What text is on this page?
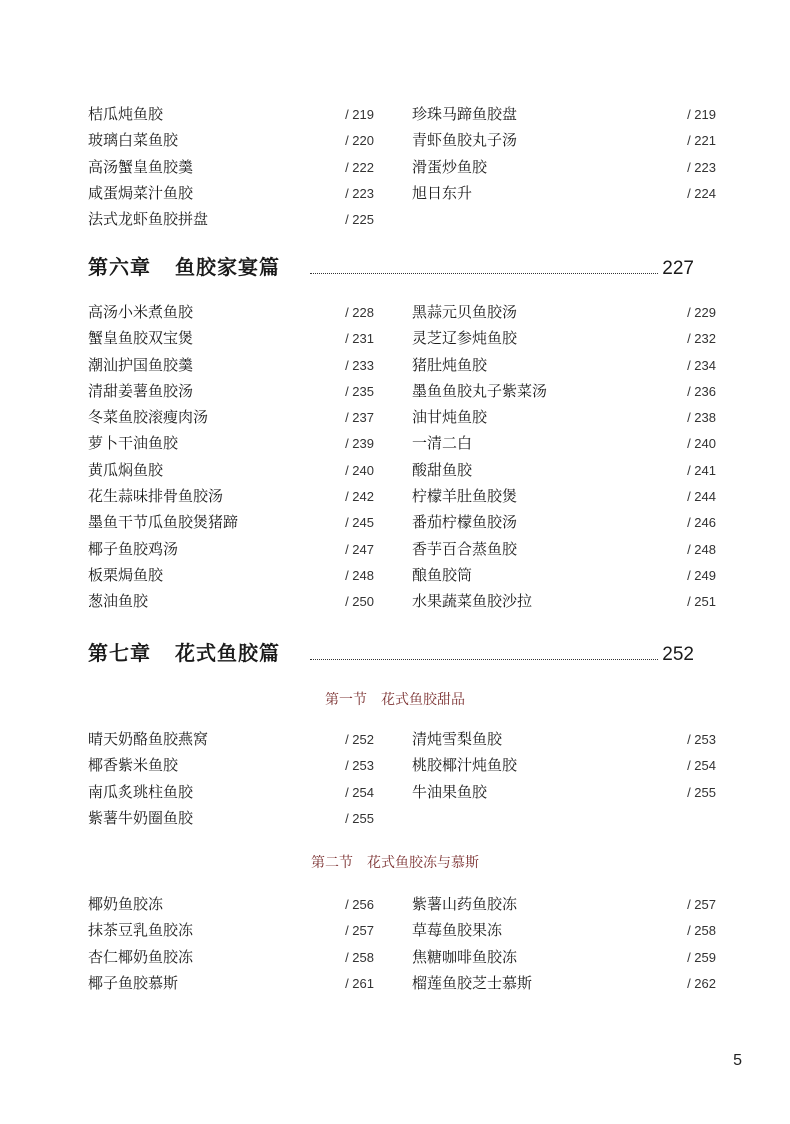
桔瓜炖鱼胶	/ 219
玻璃白菜鱼胶	/ 220
高汤蟹皇鱼胶羹	/ 222
咸蛋焗菜汁鱼胶	/ 223
法式龙虾鱼胶拼盘	/ 225
珍珠马蹄鱼胶盘	/ 219
青虾鱼胶丸子汤	/ 221
滑蛋炒鱼胶	/ 223
旭日东升	/ 224
第六章 鱼胶家宴篇	227
高汤小米煮鱼胶	/ 228
蟹皇鱼胶双宝煲	/ 231
潮汕护国鱼胶羹	/ 233
清甜姜薯鱼胶汤	/ 235
冬菜鱼胶滚瘦肉汤	/ 237
萝卜干油鱼胶	/ 239
黄瓜焖鱼胶	/ 240
花生蒜味排骨鱼胶汤	/ 242
墨鱼干节瓜鱼胶煲猪蹄	/ 245
椰子鱼胶鸡汤	/ 247
板栗焗鱼胶	/ 248
葱油鱼胶	/ 250
黑蒜元贝鱼胶汤	/ 229
灵芝辽参炖鱼胶	/ 232
猪肚炖鱼胶	/ 234
墨鱼鱼胶丸子紫菜汤	/ 236
油甘炖鱼胶	/ 238
一清二白	/ 240
酸甜鱼胶	/ 241
柠檬羊肚鱼胶煲	/ 244
番茄柠檬鱼胶汤	/ 246
香芋百合蒸鱼胶	/ 248
酿鱼胶筒	/ 249
水果蔬菜鱼胶沙拉	/ 251
第七章 花式鱼胶篇	252
第一节 花式鱼胶甜品
晴天奶酪鱼胶燕窝	/ 252
椰香紫米鱼胶	/ 253
南瓜炙珧柱鱼胶	/ 254
紫薯牛奶圈鱼胶	/ 255
清炖雪梨鱼胶	/ 253
桃胶椰汁炖鱼胶	/ 254
牛油果鱼胶	/ 255
第二节 花式鱼胶冻与慕斯
椰奶鱼胶冻	/ 256
抹茶豆乳鱼胶冻	/ 257
杏仁椰奶鱼胶冻	/ 258
椰子鱼胶慕斯	/ 261
紫薯山药鱼胶冻	/ 257
草莓鱼胶果冻	/ 258
焦糖咖啡鱼胶冻	/ 259
榴莲鱼胶芝士慕斯	/ 262
5
